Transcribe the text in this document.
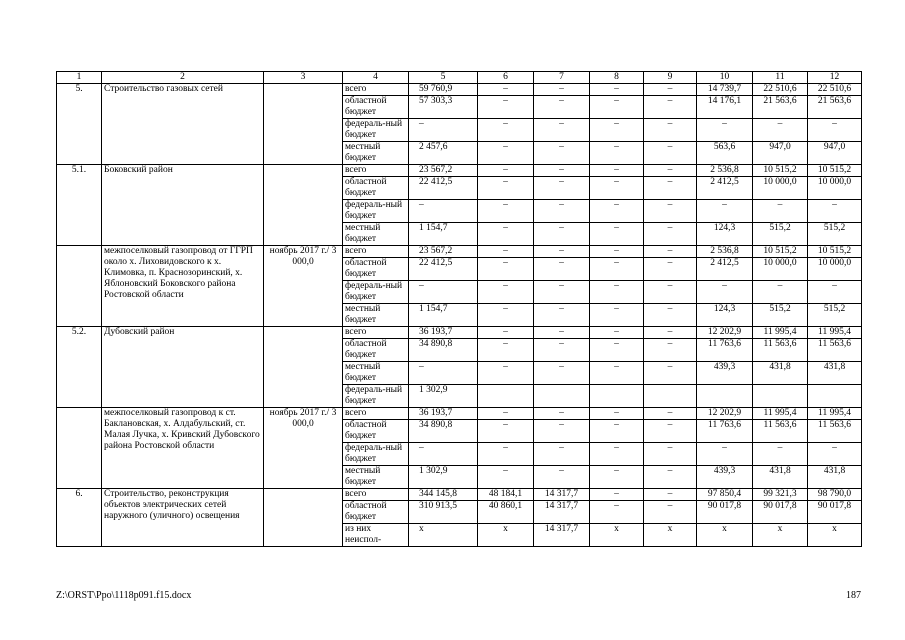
1	2	3	4	5	6	7	8	9	10	11	12
5.	Строительство газовых сетей		всего	59 760,9	–	–	–	–	14 739,7	22 510,6	22 510,6
			областной бюджет	57 303,3	–	–	–	–	14 176,1	21 563,6	21 563,6
			федераль-ный бюджет	–	–	–	–	–	–	–	–
			местный бюджет	2 457,6	–	–	–	–	563,6	947,0	947,0
5.1.	Боковский район		всего	23 567,2	–	–	–	–	2 536,8	10 515,2	10 515,2
			областной бюджет	22 412,5	–	–	–	–	2 412,5	10 000,0	10 000,0
			федераль-ный бюджет	–	–	–	–	–	–	–	–
			местный бюджет	1 154,7	–	–	–	–	124,3	515,2	515,2
	межпоселковый газопровод от ГГРП около х. Лиховидовского к х. Климовка, п. Краснозоринский, х. Яблоновский Боковского района Ростовской области	ноябрь 2017 г./ 3 000,0	всего	23 567,2	–	–	–	–	2 536,8	10 515,2	10 515,2
			областной бюджет	22 412,5	–	–	–	–	2 412,5	10 000,0	10 000,0
			федераль-ный бюджет	–	–	–	–	–	–	–	–
			местный бюджет	1 154,7	–	–	–	–	124,3	515,2	515,2
5.2.	Дубовский район		всего	36 193,7	–	–	–	–	12 202,9	11 995,4	11 995,4
			областной бюджет	34 890,8	–	–	–	–	11 763,6	11 563,6	11 563,6
			местный бюджет	–	–	–	–	–	439,3	431,8	431,8
			федераль-ный бюджет	1 302,9							
	межпоселковый газопровод к ст. Баклановская, х. Алдабульский, ст. Малая Лучка, х. Кривский Дубовского района Ростовской области	ноябрь 2017 г./ 3 000,0	всего	36 193,7	–	–	–	–	12 202,9	11 995,4	11 995,4
			областной бюджет	34 890,8	–	–	–	–	11 763,6	11 563,6	11 563,6
			федераль-ный бюджет	–	–	–	–	–	–	–	–
			местный бюджет	1 302,9	–	–	–	–	439,3	431,8	431,8
6.	Строительство, реконструкция объектов электрических сетей наружного (уличного) освещения		всего	344 145,8	48 184,1	14 317,7	–	–	97 850,4	99 321,3	98 790,0
			областной бюджет	310 913,5	40 860,1	14 317,7	–	–	90 017,8	90 017,8	90 017,8
			из них неиспол-	x	x	14 317,7	x	x	x	x	x
Z:\ORST\Ppo\1118p091.f15.docx	187
